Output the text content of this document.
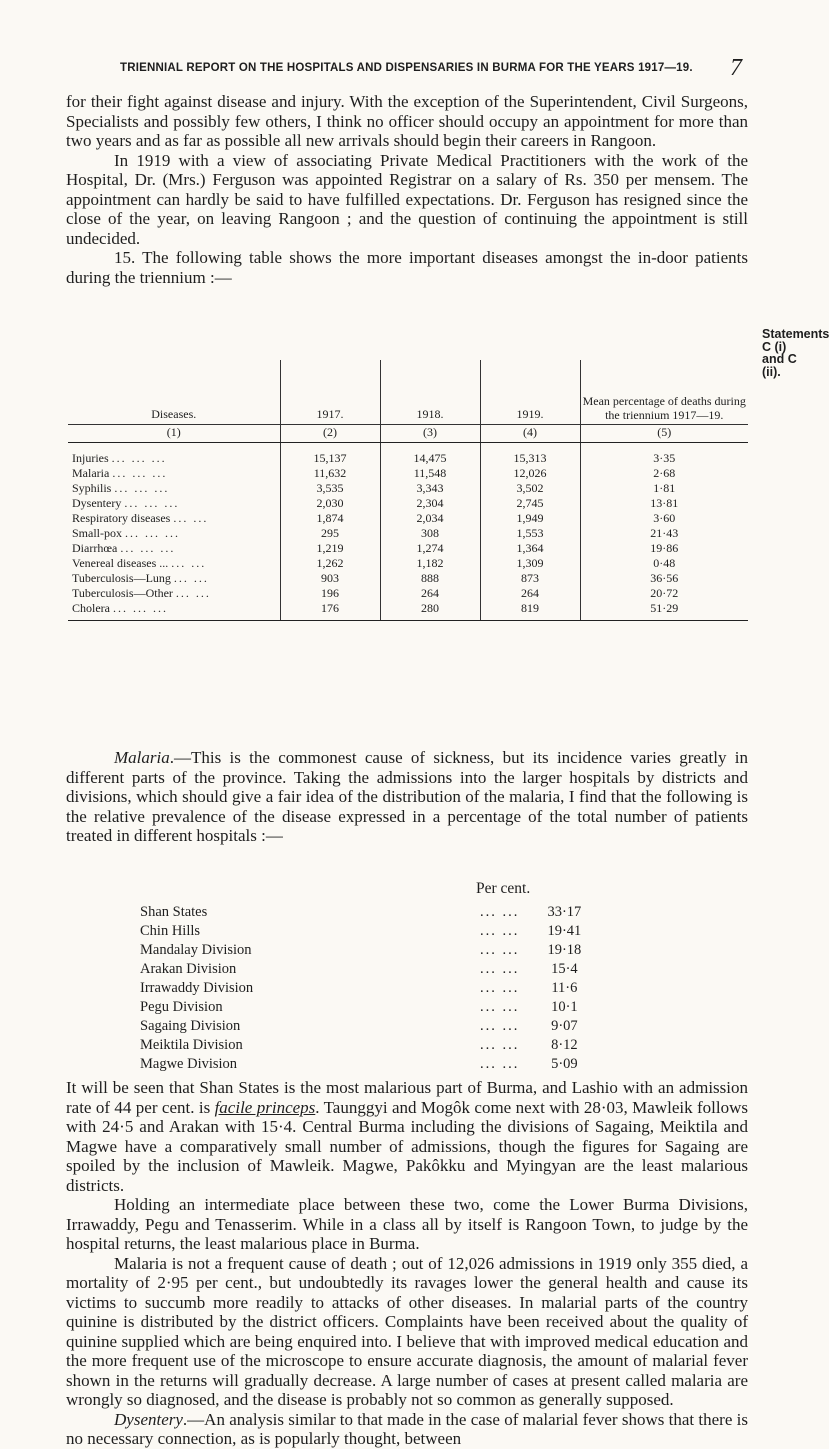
TRIENNIAL REPORT ON THE HOSPITALS AND DISPENSARIES IN BURMA FOR THE YEARS 1917—19.	7

for their fight against disease and injury. With the exception of the Superintendent, Civil Surgeons, Specialists and possibly few others, I think no officer should occupy an appointment for more than two years and as far as possible all new arrivals should begin their careers in Rangoon.

In 1919 with a view of associating Private Medical Practitioners with the work of the Hospital, Dr. (Mrs.) Ferguson was appointed Registrar on a salary of Rs. 350 per mensem. The appointment can hardly be said to have fulfilled expectations. Dr. Ferguson has resigned since the close of the year, on leaving Rangoon ; and the question of continuing the appointment is still undecided.

15. The following table shows the more important diseases amongst the in-door patients during the triennium :—

Statements C (i) and C (ii).
Diseases.	1917.	1918.	1919.	Mean percentage of deaths during the triennium 1917—19.
(1)	(2)	(3)	(4)	(5)
Injuries ... ... ...	15,137	14,475	15,313	3·35
Malaria ... ... ...	11,632	11,548	12,026	2·68
Syphilis ... ... ...	3,535	3,343	3,502	1·81
Dysentery ... ... ...	2,030	2,304	2,745	13·81
Respiratory diseases ... ...	1,874	2,034	1,949	3·60
Small-pox ... ... ...	295	308	1,553	21·43
Diarrhœa ... ... ...	1,219	1,274	1,364	19·86
Venereal diseases ... ... ...	1,262	1,182	1,309	0·48
Tuberculosis—Lung ... ...	903	888	873	36·56
Tuberculosis—Other ... ...	196	264	264	20·72
Cholera ... ... ...	176	280	819	51·29

Malaria.—This is the commonest cause of sickness, but its incidence varies greatly in different parts of the province. Taking the admissions into the larger hospitals by districts and divisions, which should give a fair idea of the distribution of the malaria, I find that the following is the relative prevalence of the disease expressed in a percentage of the total number of patients treated in different hospitals :—

Per cent.
Shan States	... ...	33·17
Chin Hills	... ...	19·41
Mandalay Division	... ...	19·18
Arakan Division	... ...	15·4
Irrawaddy Division	... ...	11·6
Pegu Division	... ...	10·1
Sagaing Division	... ...	9·07
Meiktila Division	... ...	8·12
Magwe Division	... ...	5·09

It will be seen that Shan States is the most malarious part of Burma, and Lashio with an admission rate of 44 per cent. is facile princeps. Taunggyi and Mogôk come next with 28·03, Mawleik follows with 24·5 and Arakan with 15·4. Central Burma including the divisions of Sagaing, Meiktila and Magwe have a comparatively small number of admissions, though the figures for Sagaing are spoiled by the inclusion of Mawleik. Magwe, Pakôkku and Myingyan are the least malarious districts.

Holding an intermediate place between these two, come the Lower Burma Divisions, Irrawaddy, Pegu and Tenasserim. While in a class all by itself is Rangoon Town, to judge by the hospital returns, the least malarious place in Burma.

Malaria is not a frequent cause of death ; out of 12,026 admissions in 1919 only 355 died, a mortality of 2·95 per cent., but undoubtedly its ravages lower the general health and cause its victims to succumb more readily to attacks of other diseases. In malarial parts of the country quinine is distributed by the district officers. Complaints have been received about the quality of quinine supplied which are being enquired into. I believe that with improved medical education and the more frequent use of the microscope to ensure accurate diagnosis, the amount of malarial fever shown in the returns will gradually decrease. A large number of cases at present called malaria are wrongly so diagnosed, and the disease is probably not so common as generally supposed.

Dysentery.—An analysis similar to that made in the case of malarial fever shows that there is no necessary connection, as is popularly thought, between
